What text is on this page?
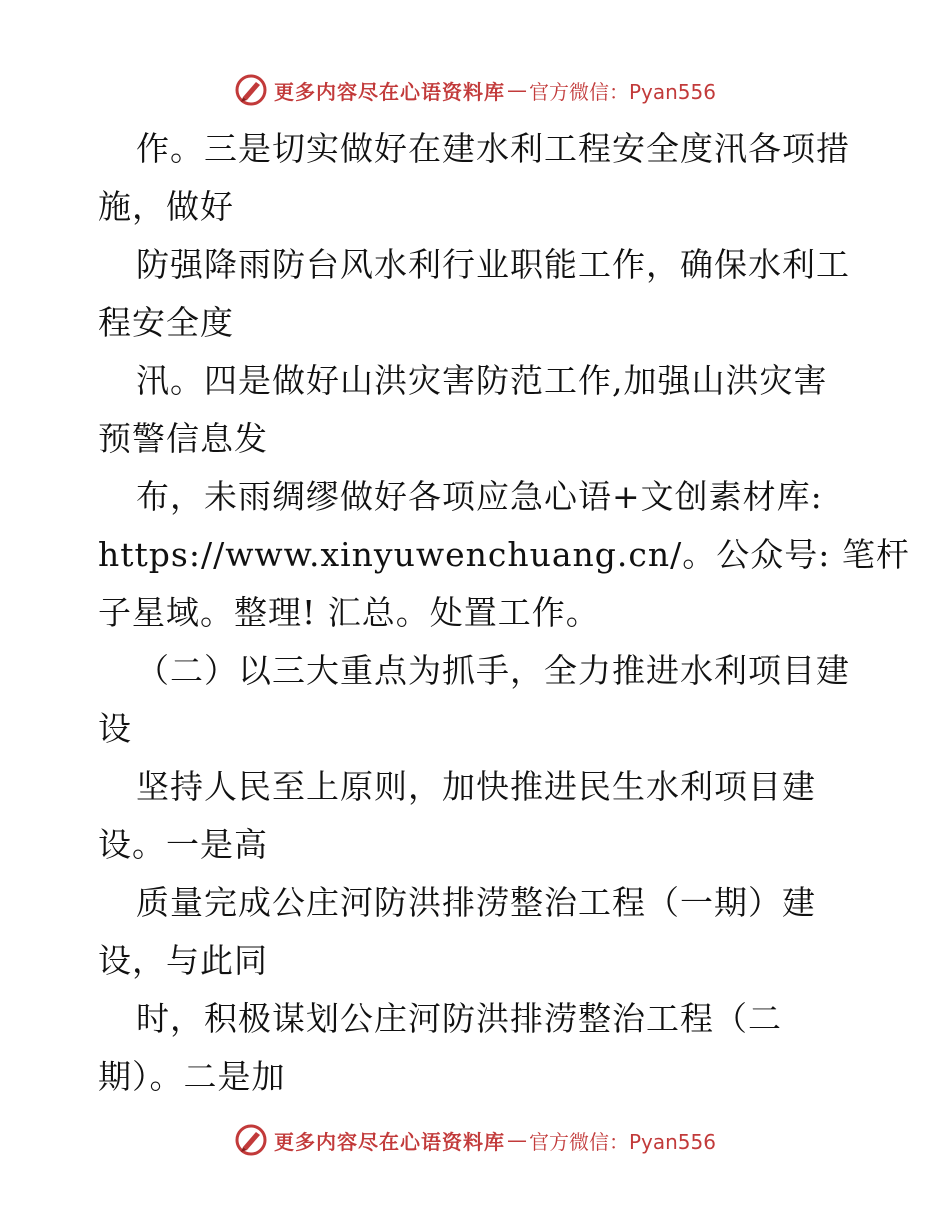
更多内容尽在心语资料库 — 官方微信：Pyan556
作。三是切实做好在建水利工程安全度汛各项措
施，做好
防强降雨防台风水利行业职能工作，确保水利工
程安全度
汛。四是做好山洪灾害防范工作,加强山洪灾害
预警信息发
布，未雨绸缪做好各项应急心语+文创素材库:
https://www.xinyuwenchuang.cn/。公众号: 笔杆
子星域。整理! 汇总。处置工作。
（二）以三大重点为抓手，全力推进水利项目建
设
坚持人民至上原则，加快推进民生水利项目建
设。一是高
质量完成公庄河防洪排涝整治工程（一期）建
设，与此同
时，积极谋划公庄河防洪排涝整治工程（二
期）。二是加
更多内容尽在心语资料库 — 官方微信：Pyan556
